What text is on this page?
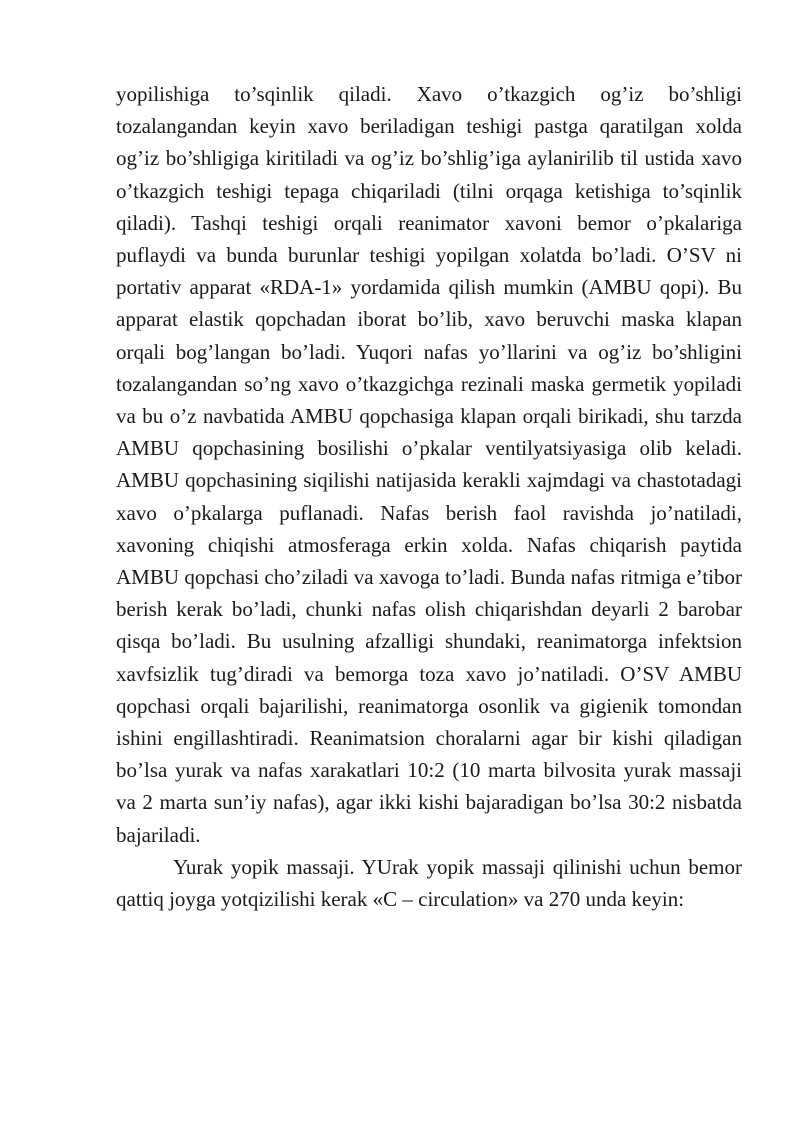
yopilishiga to’sqinlik qiladi. Xavo o’tkazgich og’iz bo’shligi tozalangandan keyin xavo beriladigan teshigi pastga qaratilgan xolda og’iz bo’shligiga kiritiladi va og’iz bo’shlig’iga aylanirilib til ustida xavo o’tkazgich teshigi tepaga chiqariladi (tilni orqaga ketishiga to’sqinlik qiladi). Tashqi teshigi orqali reanimator xavoni bemor o’pkalariga puflaydi va bunda burunlar teshigi yopilgan xolatda bo’ladi. O’SV ni portativ apparat «RDA-1» yordamida qilish mumkin (AMBU qopi). Bu apparat elastik qopchadan iborat bo’lib, xavo beruvchi maska klapan orqali bog’langan bo’ladi. Yuqori nafas yo’llarini va og’iz bo’shligini tozalangandan so’ng xavo o’tkazgichga rezinali maska germetik yopiladi va bu o’z navbatida AMBU qopchasiga klapan orqali birikadi, shu tarzda AMBU qopchasining bosilishi o’pkalar ventilyatsiyasiga olib keladi. AMBU qopchasining siqilishi natijasida kerakli xajmdagi va chastotadagi xavo o’pkalarga puflanadi. Nafas berish faol ravishda jo’natiladi, xavoning chiqishi atmosferaga erkin xolda. Nafas chiqarish paytida AMBU qopchasi cho’ziladi va xavoga to’ladi. Bunda nafas ritmiga e’tibor berish kerak bo’ladi, chunki nafas olish chiqarishdan deyarli 2 barobar qisqa bo’ladi. Bu usulning afzalligi shundaki, reanimatorga infektsion xavfsizlik tug’diradi va bemorga toza xavo jo’natiladi. O’SV AMBU qopchasi orqali bajarilishi, reanimatorga osonlik va gigienik tomondan ishini engillashtiradi. Reanimatsion choralarni agar bir kishi qiladigan bo’lsa yurak va nafas xarakatlari 10:2 (10 marta bilvosita yurak massaji va 2 marta sun’iy nafas), agar ikki kishi bajaradigan bo’lsa 30:2 nisbatda bajariladi.

Yurak yopik massaji. YUrak yopik massaji qilinishi uchun bemor qattiq joyga yotqizilishi kerak «C – circulation» va 270 unda keyin:
